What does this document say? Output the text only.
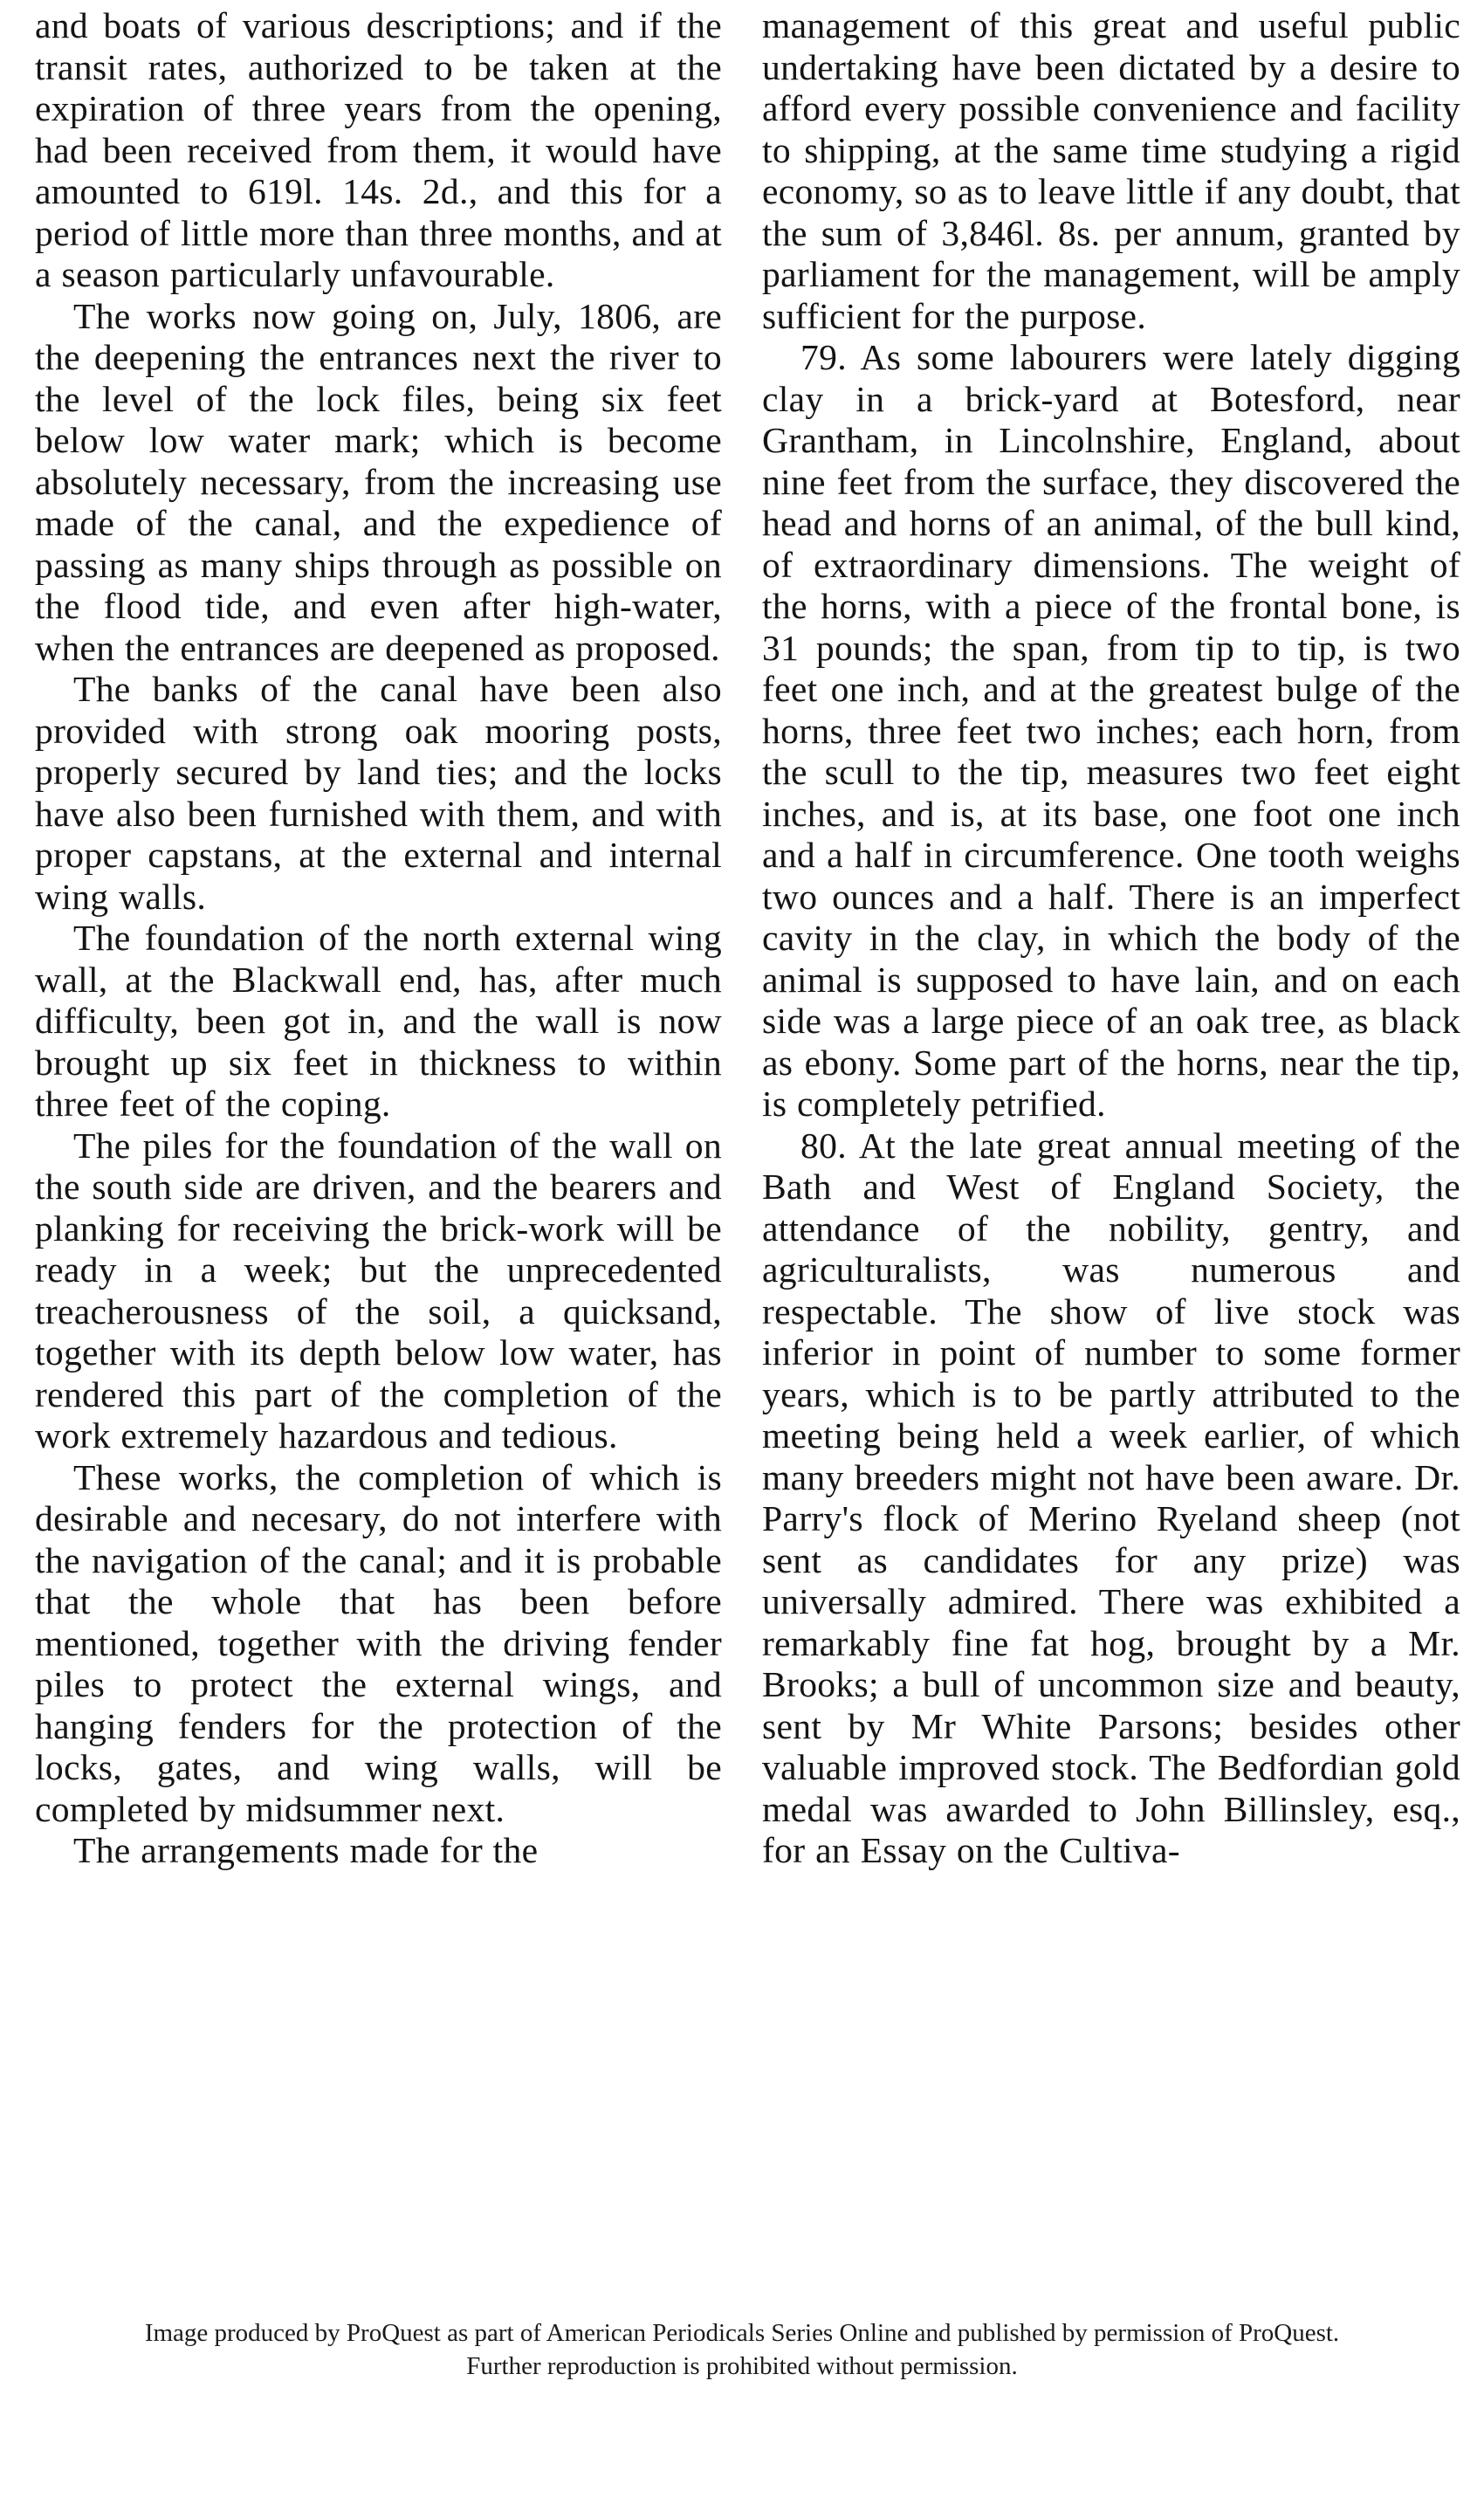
and boats of various descriptions; and if the transit rates, authorized to be taken at the expiration of three years from the opening, had been received from them, it would have amounted to 619l. 14s. 2d., and this for a period of little more than three months, and at a season particularly unfavourable.

The works now going on, July, 1806, are the deepening the entrances next the river to the level of the lock files, being six feet below low water mark; which is become absolutely necessary, from the increasing use made of the canal, and the expedience of passing as many ships through as possible on the flood tide, and even after high-water, when the entrances are deepened as proposed.

The banks of the canal have been also provided with strong oak mooring posts, properly secured by land ties; and the locks have also been furnished with them, and with proper capstans, at the external and internal wing walls.

The foundation of the north external wing wall, at the Blackwall end, has, after much difficulty, been got in, and the wall is now brought up six feet in thickness to within three feet of the coping.

The piles for the foundation of the wall on the south side are driven, and the bearers and planking for receiving the brick-work will be ready in a week; but the unprecedented treacherousness of the soil, a quicksand, together with its depth below low water, has rendered this part of the completion of the work extremely hazardous and tedious.

These works, the completion of which is desirable and necesary, do not interfere with the navigation of the canal; and it is probable that the whole that has been before mentioned, together with the driving fender piles to protect the external wings, and hanging fenders for the protection of the locks, gates, and wing walls, will be completed by midsummer next.

The arrangements made for the

management of this great and useful public undertaking have been dictated by a desire to afford every possible convenience and facility to shipping, at the same time studying a rigid economy, so as to leave little if any doubt, that the sum of 3,846l. 8s. per annum, granted by parliament for the management, will be amply sufficient for the purpose.

79. As some labourers were lately digging clay in a brick-yard at Botesford, near Grantham, in Lincolnshire, England, about nine feet from the surface, they discovered the head and horns of an animal, of the bull kind, of extraordinary dimensions. The weight of the horns, with a piece of the frontal bone, is 31 pounds; the span, from tip to tip, is two feet one inch, and at the greatest bulge of the horns, three feet two inches; each horn, from the scull to the tip, measures two feet eight inches, and is, at its base, one foot one inch and a half in circumference. One tooth weighs two ounces and a half. There is an imperfect cavity in the clay, in which the body of the animal is supposed to have lain, and on each side was a large piece of an oak tree, as black as ebony. Some part of the horns, near the tip, is completely petrified.

80. At the late great annual meeting of the Bath and West of England Society, the attendance of the nobility, gentry, and agriculturalists, was numerous and respectable. The show of live stock was inferior in point of number to some former years, which is to be partly attributed to the meeting being held a week earlier, of which many breeders might not have been aware. Dr. Parry's flock of Merino Ryeland sheep (not sent as candidates for any prize) was universally admired. There was exhibited a remarkably fine fat hog, brought by a Mr. Brooks; a bull of uncommon size and beauty, sent by Mr White Parsons; besides other valuable improved stock. The Bedfordian gold medal was awarded to John Billinsley, esq., for an Essay on the Cultiva-

Image produced by ProQuest as part of American Periodicals Series Online and published by permission of ProQuest.
Further reproduction is prohibited without permission.
